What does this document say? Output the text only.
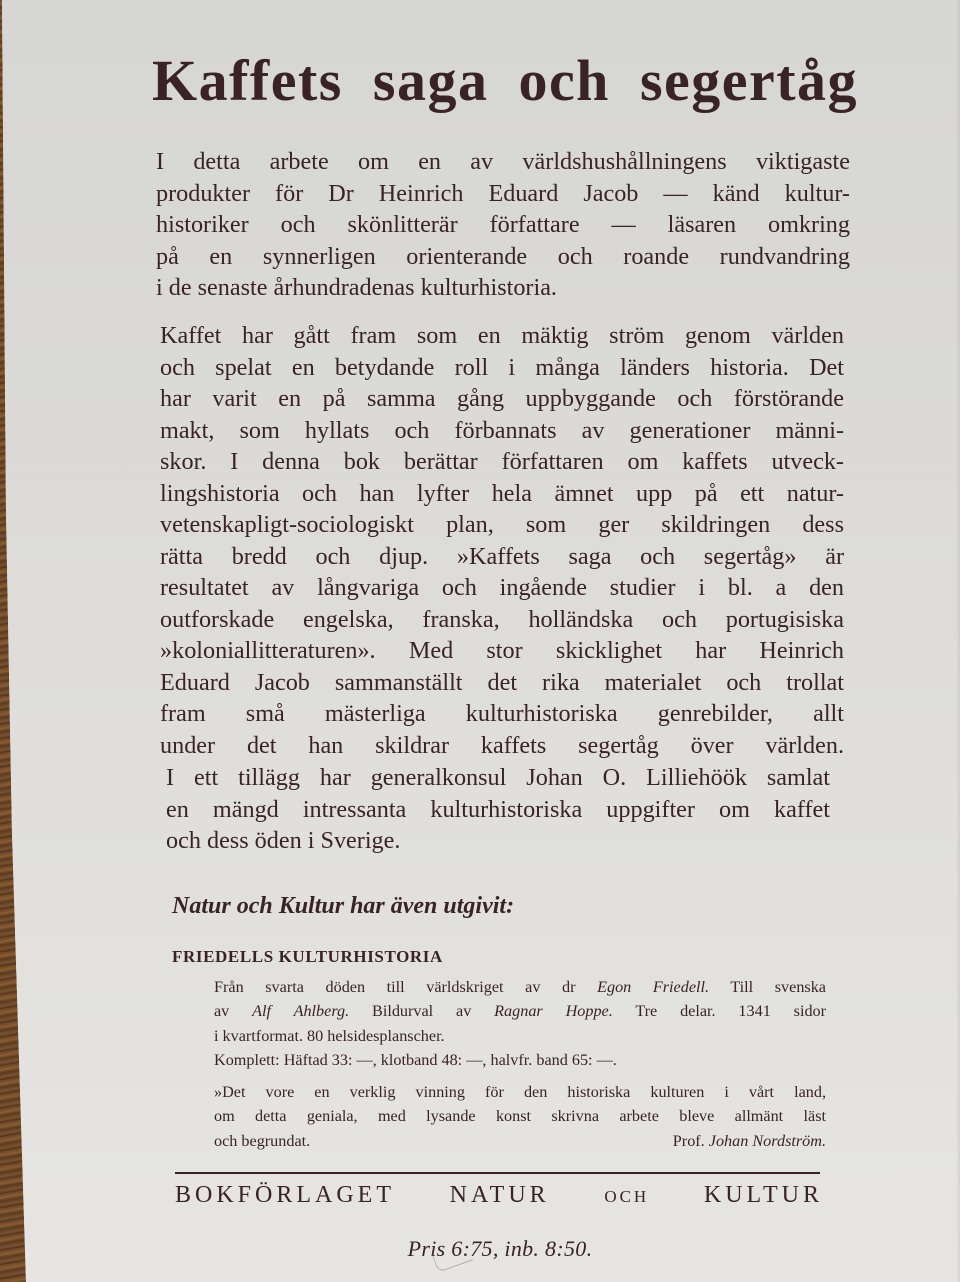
Kaffets saga och segertåg

I detta arbete om en av världshushållningens viktigaste
produkter för Dr Heinrich Eduard Jacob — känd kultur-
historiker och skönlitterär författare — läsaren omkring
på en synnerligen orienterande och roande rundvandring
i de senaste århundradenas kulturhistoria.

Kaffet har gått fram som en mäktig ström genom världen
och spelat en betydande roll i många länders historia. Det
har varit en på samma gång uppbyggande och förstörande
makt, som hyllats och förbannats av generationer männi-
skor. I denna bok berättar författaren om kaffets utveck-
lingshistoria och han lyfter hela ämnet upp på ett natur-
vetenskapligt-sociologiskt plan, som ger skildringen dess
rätta bredd och djup. »Kaffets saga och segertåg» är
resultatet av långvariga och ingående studier i bl. a den
outforskade engelska, franska, holländska och portugisiska
»koloniallitteraturen». Med stor skicklighet har Heinrich
Eduard Jacob sammanställt det rika materialet och trollat
fram små mästerliga kulturhistoriska genrebilder, allt
under det han skildrar kaffets segertåg över världen.

I ett tillägg har generalkonsul Johan O. Lilliehöök samlat
en mängd intressanta kulturhistoriska uppgifter om kaffet
och dess öden i Sverige.

Natur och Kultur har även utgivit:
FRIEDELLS KULTURHISTORIA

Från svarta döden till världskriget av dr Egon Friedell. Till svenska
av Alf Ahlberg. Bildurval av Ragnar Hoppe. Tre delar. 1341 sidor
i kvartformat. 80 helsidesplanscher.
Komplett: Häftad 33: —, klotband 48: —, halvfr. band 65: —.

»Det vore en verklig vinning för den historiska kulturen i vårt land,
om detta geniala, med lysande konst skrivna arbete bleve allmänt läst
och begrundat.	Prof. Johan Nordström.

BOKFÖRLAGET NATUR	OCH KULTUR

Pris 6:75, inb. 8:50.
